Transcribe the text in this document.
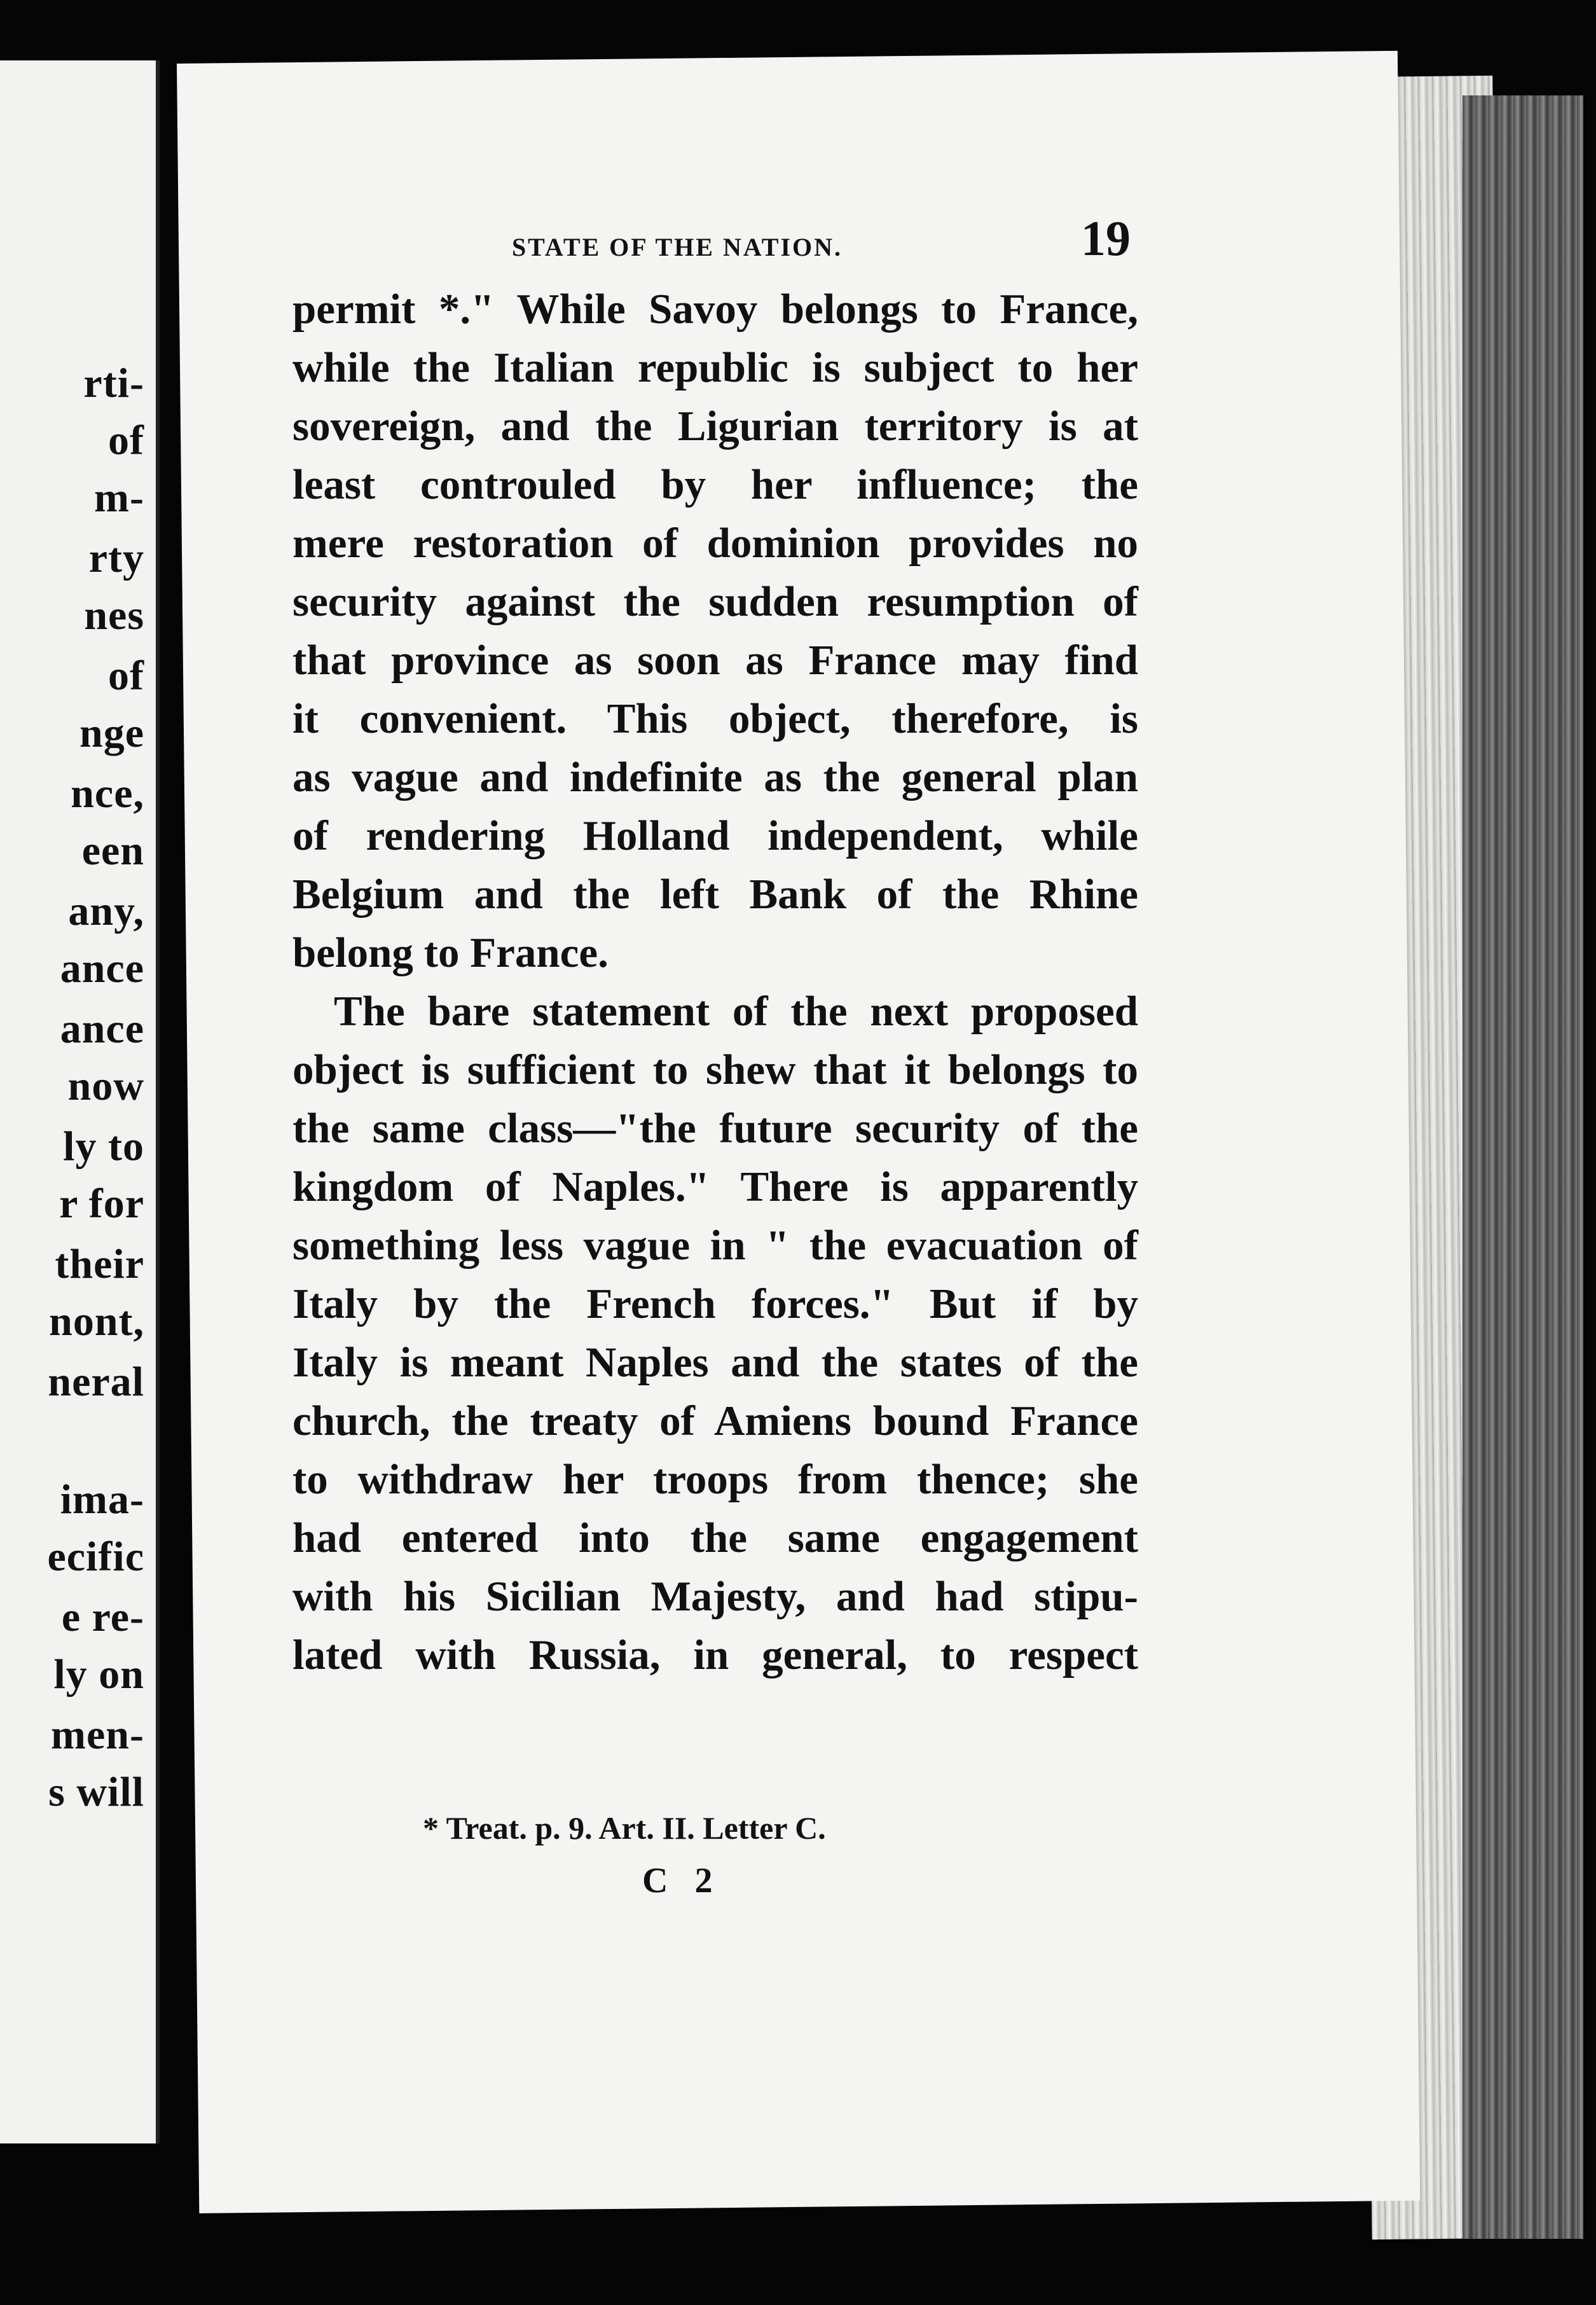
rti-
of
m-
rty
nes
of
nge
nce,
een
any,
ance
ance
now
ly to
r for
their
nont,
neral
ima-
ecific
e re-
ly on
men-
s will
STATE OF THE NATION.	19
permit *." While Savoy belongs to France,
while the Italian republic is subject to her
sovereign, and the Ligurian territory is at
least controuled by her influence; the
mere restoration of dominion provides no
security against the sudden resumption of
that province as soon as France may find
it convenient. This object, therefore, is
as vague and indefinite as the general plan
of rendering Holland independent, while
Belgium and the left Bank of the Rhine
belong to France.
The bare statement of the next proposed
object is sufficient to shew that it belongs to
the same class—"the future security of the
kingdom of Naples." There is apparently
something less vague in " the evacuation of
Italy by the French forces." But if by
Italy is meant Naples and the states of the
church, the treaty of Amiens bound France
to withdraw her troops from thence; she
had entered into the same engagement
with his Sicilian Majesty, and had stipu-
lated with Russia, in general, to respect
* Treat. p. 9. Art. II. Letter C.
C 2
